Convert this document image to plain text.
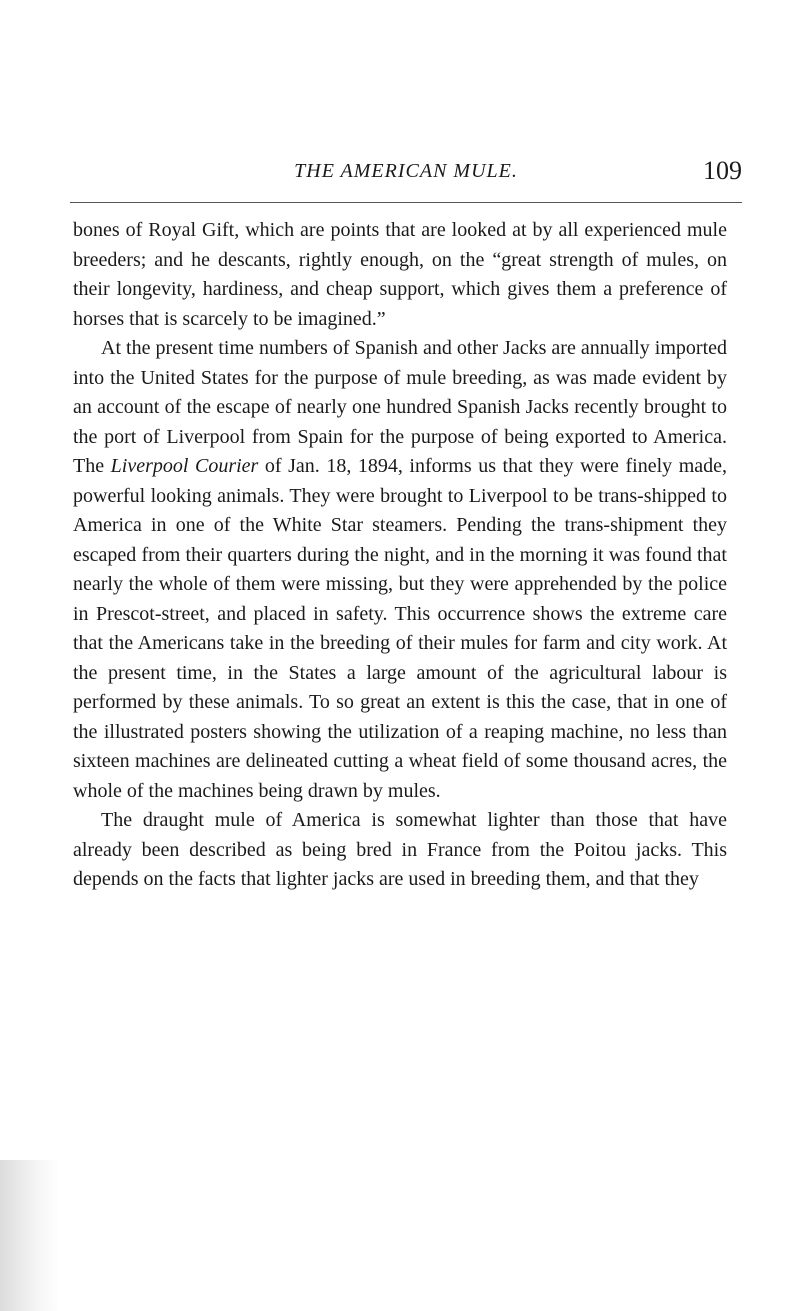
THE AMERICAN MULE.	109

bones of Royal Gift, which are points that are looked at by all experienced mule breeders; and he descants, rightly enough, on the “great strength of mules, on their longevity, hardiness, and cheap support, which gives them a preference of horses that is scarcely to be imagined.”

At the present time numbers of Spanish and other Jacks are annually imported into the United States for the purpose of mule breeding, as was made evident by an account of the escape of nearly one hundred Spanish Jacks recently brought to the port of Liverpool from Spain for the purpose of being exported to America. The Liverpool Courier of Jan. 18, 1894, informs us that they were finely made, powerful looking animals. They were brought to Liverpool to be trans-shipped to America in one of the White Star steamers. Pending the trans-shipment they escaped from their quarters during the night, and in the morning it was found that nearly the whole of them were missing, but they were apprehended by the police in Prescot-street, and placed in safety. This occurrence shows the extreme care that the Americans take in the breeding of their mules for farm and city work. At the present time, in the States a large amount of the agricultural labour is performed by these animals. To so great an extent is this the case, that in one of the illustrated posters showing the utilization of a reaping machine, no less than sixteen machines are delineated cutting a wheat field of some thousand acres, the whole of the machines being drawn by mules.

The draught mule of America is somewhat lighter than those that have already been described as being bred in France from the Poitou jacks. This depends on the facts that lighter jacks are used in breeding them, and that they
